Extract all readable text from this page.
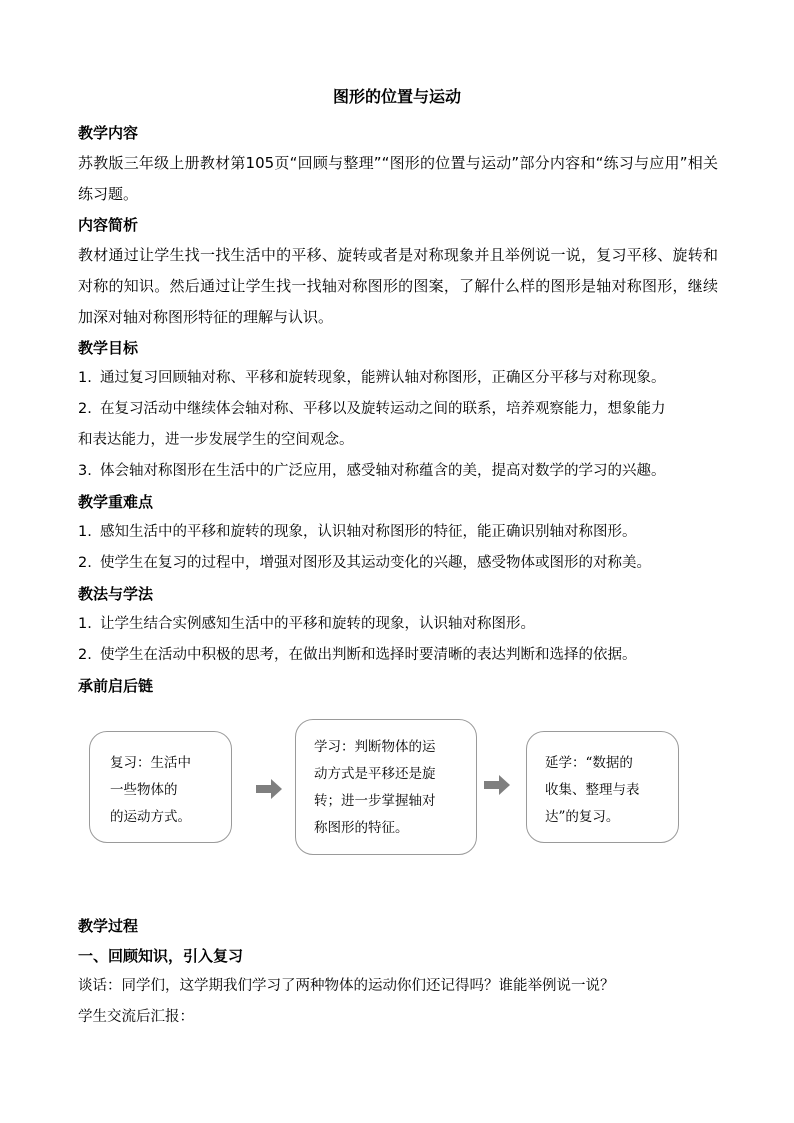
图形的位置与运动
教学内容
苏教版三年级上册教材第105页“回顾与整理”“图形的位置与运动”部分内容和“练习与应用”相关练习题。
内容简析
教材通过让学生找一找生活中的平移、旋转或者是对称现象并且举例说一说，复习平移、旋转和对称的知识。然后通过让学生找一找轴对称图形的图案，了解什么样的图形是轴对称图形，继续加深对轴对称图形特征的理解与认识。
教学目标
1. 通过复习回顾轴对称、平移和旋转现象，能辨认轴对称图形，正确区分平移与对称现象。
2. 在复习活动中继续体会轴对称、平移以及旋转运动之间的联系，培养观察能力，想象能力
和表达能力，进一步发展学生的空间观念。
3. 体会轴对称图形在生活中的广泛应用，感受轴对称蕴含的美，提高对数学的学习的兴趣。
教学重难点
1. 感知生活中的平移和旋转的现象，认识轴对称图形的特征，能正确识别轴对称图形。
2. 使学生在复习的过程中，增强对图形及其运动变化的兴趣，感受物体或图形的对称美。
教法与学法
1. 让学生结合实例感知生活中的平移和旋转的现象，认识轴对称图形。
2. 使学生在活动中积极的思考，在做出判断和选择时要清晰的表达判断和选择的依据。
承前启后链
复习：生活中
一些物体的
的运动方式。
学习：判断物体的运
动方式是平移还是旋
转；进一步掌握轴对
称图形的特征。
延学：“数据的
收集、整理与表
达”的复习。
教学过程
一、回顾知识，引入复习
谈话：同学们，这学期我们学习了两种物体的运动你们还记得吗？谁能举例说一说？
学生交流后汇报：
